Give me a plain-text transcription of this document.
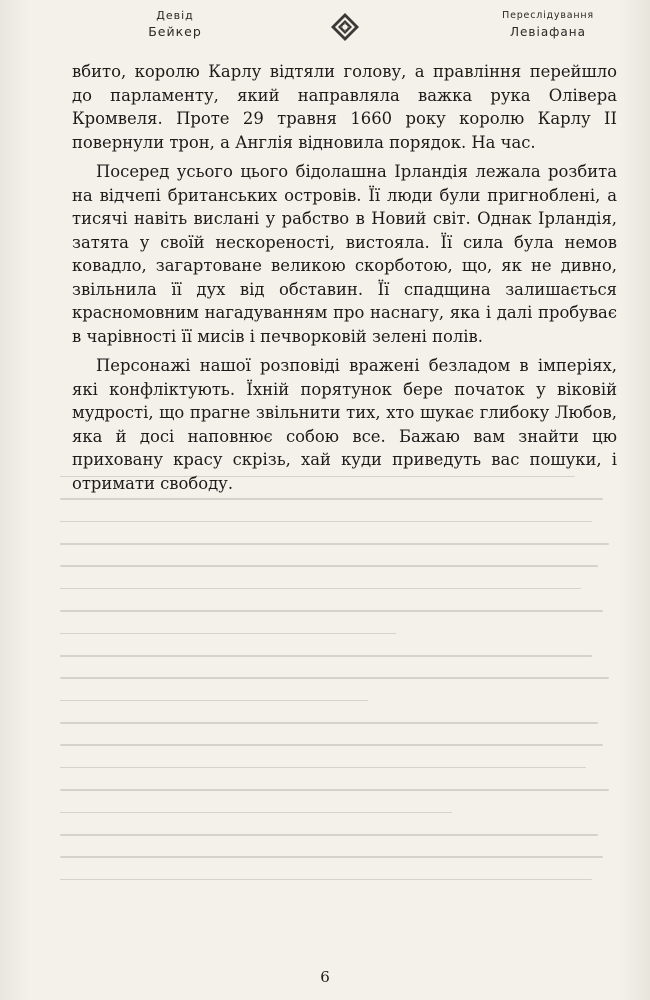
Девід
Бейкер
Переслідування
Левіафана

вбито, королю Карлу відтяли голову, а правління перейшло до парламенту, який направляла важка рука Олівера Кромвеля. Проте 29 травня 1660 року королю Карлу II повернули трон, а Англія відновила порядок. На час.

Посеред усього цього бідолашна Ірландія лежала розбита на відчепі британських островів. Її люди були пригноблені, а тисячі навіть вислані у рабство в Новий світ. Однак Ірландія, затята у своїй нескореності, вистояла. Її сила була немов ковадло, загартоване великою скорботою, що, як не дивно, звільнила її дух від обставин. Її спадщина залишається красномовним нагадуванням про наснагу, яка і далі пробуває в чарівності її мисів і печворковій зелені полів.

Персонажі нашої розповіді вражені безладом в імперіях, які конфліктують. Їхній порятунок бере початок у віковій мудрості, що прагне звільнити тих, хто шукає глибоку Любов, яка й досі наповнює собою все. Бажаю вам знайти цю приховану красу скрізь, хай куди приведуть вас пошуки, і отримати свободу.

6
